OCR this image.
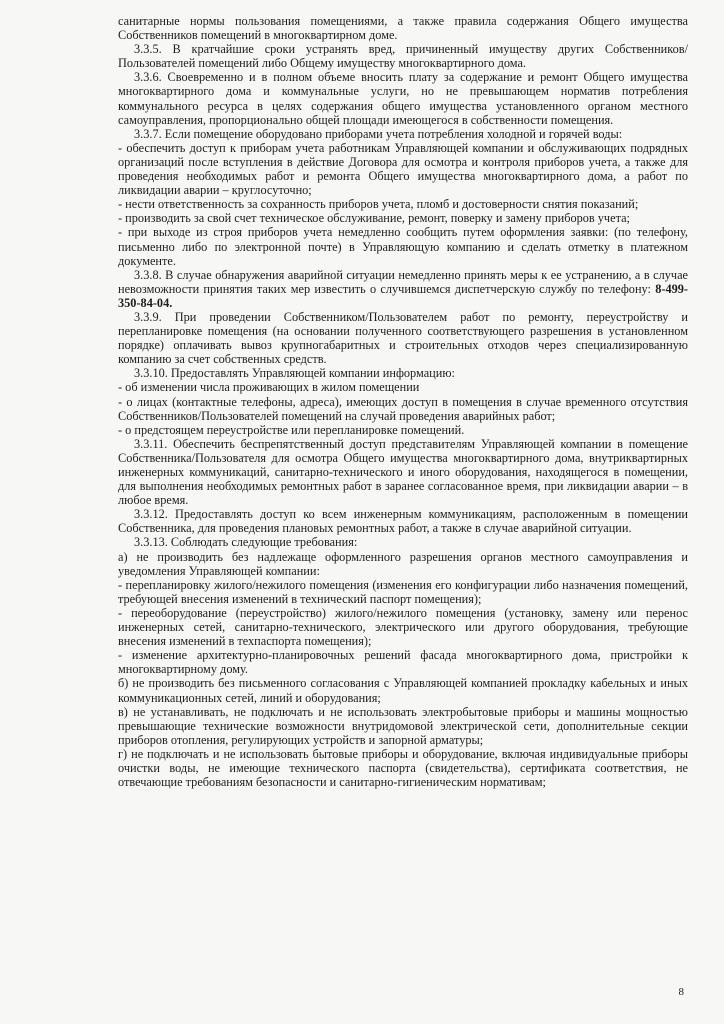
санитарные нормы пользования помещениями, а также правила содержания Общего имущества Собственников помещений в многоквартирном доме.

3.3.5. В кратчайшие сроки устранять вред, причиненный имуществу других Собственников/Пользователей помещений либо Общему имуществу многоквартирного дома.

3.3.6. Своевременно и в полном объеме вносить плату за содержание и ремонт Общего имущества многоквартирного дома и коммунальные услуги, но не превышающем норматив потребления коммунального ресурса в целях содержания общего имущества установленного органом местного самоуправления, пропорционально общей площади имеющегося в собственности помещения.

3.3.7. Если помещение оборудовано приборами учета потребления холодной и горячей воды:

- обеспечить доступ к приборам учета работникам Управляющей компании и обслуживающих подрядных организаций после вступления в действие Договора для осмотра и контроля приборов учета, а также для проведения необходимых работ и ремонта Общего имущества многоквартирного дома, а работ по ликвидации аварии – круглосуточно;

- нести ответственность за сохранность приборов учета, пломб и достоверности снятия показаний;

- производить за свой счет техническое обслуживание, ремонт, поверку и замену приборов учета;

- при выходе из строя приборов учета немедленно сообщить путем оформления заявки: (по телефону, письменно либо по электронной почте) в Управляющую компанию и сделать отметку в платежном документе.

3.3.8. В случае обнаружения аварийной ситуации немедленно принять меры к ее устранению, а в случае невозможности принятия таких мер известить о случившемся диспетчерскую службу по телефону: 8-499-350-84-04.

3.3.9. При проведении Собственником/Пользователем работ по ремонту, переустройству и перепланировке помещения (на основании полученного соответствующего разрешения в установленном порядке) оплачивать вывоз крупногабаритных и строительных отходов через специализированную компанию за счет собственных средств.

3.3.10. Предоставлять Управляющей компании информацию:

- об изменении числа проживающих в жилом помещении

- о лицах (контактные телефоны, адреса), имеющих доступ в помещения в случае временного отсутствия Собственников/Пользователей помещений на случай проведения аварийных работ;

- о предстоящем переустройстве или перепланировке помещений.

3.3.11. Обеспечить беспрепятственный доступ представителям Управляющей компании в помещение Собственника/Пользователя для осмотра Общего имущества многоквартирного дома, внутриквартирных инженерных коммуникаций, санитарно-технического и иного оборудования, находящегося в помещении, для выполнения необходимых ремонтных работ в заранее согласованное время, при ликвидации аварии – в любое время.

3.3.12. Предоставлять доступ ко всем инженерным коммуникациям, расположенным в помещении Собственника, для проведения плановых ремонтных работ, а также в случае аварийной ситуации.

3.3.13. Соблюдать следующие требования:

а) не производить без надлежаще оформленного разрешения органов местного самоуправления и уведомления Управляющей компании:

- перепланировку жилого/нежилого помещения (изменения его конфигурации либо назначения помещений, требующей внесения изменений в технический паспорт помещения);

- переоборудование (переустройство) жилого/нежилого помещения (установку, замену или перенос инженерных сетей, санитарно-технического, электрического или другого оборудования, требующие внесения изменений в техпаспорта помещения);

- изменение архитектурно-планировочных решений фасада многоквартирного дома, пристройки к многоквартирному дому.

б) не производить без письменного согласования с Управляющей компанией прокладку кабельных и иных коммуникационных сетей, линий и оборудования;

в) не устанавливать, не подключать и не использовать электробытовые приборы и машины мощностью превышающие технические возможности внутридомовой электрической сети, дополнительные секции приборов отопления, регулирующих устройств и запорной арматуры;

г) не подключать и не использовать бытовые приборы и оборудование, включая индивидуальные приборы очистки воды, не имеющие технического паспорта (свидетельства), сертификата соответствия, не отвечающие требованиям безопасности и санитарно-гигиеническим нормативам;

8
